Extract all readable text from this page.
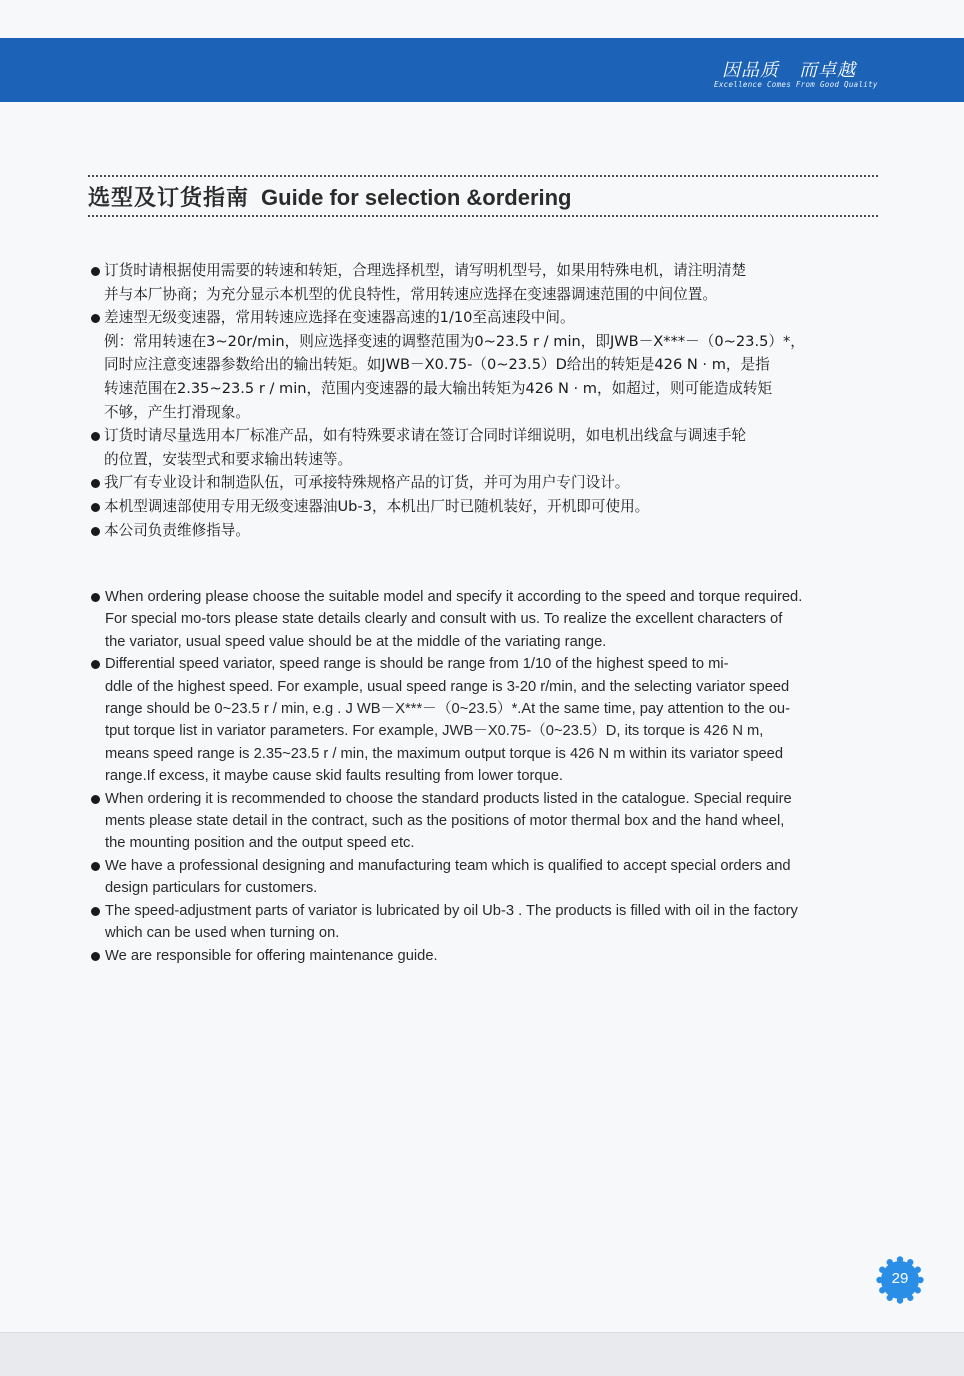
因品质   而卓越
Excellence Comes From Good Quality
选型及订货指南 Guide for selection &ordering
订货时请根据使用需要的转速和转矩，合理选择机型，请写明机型号，如果用特殊电机，请注明清楚
并与本厂协商；为充分显示本机型的优良特性，常用转速应选择在变速器调速范围的中间位置。
差速型无级变速器，常用转速应选择在变速器高速的1/10至高速段中间。
例：常用转速在3~20r/min，则应选择变速的调整范围为0~23.5 r / min，即JWB－X***－（0~23.5）*，
同时应注意变速器参数给出的输出转矩。如JWB－X0.75-（0~23.5）D给出的转矩是426 N · m，是指
转速范围在2.35~23.5 r / min，范围内变速器的最大输出转矩为426 N · m，如超过，则可能造成转矩
不够，产生打滑现象。
订货时请尽量选用本厂标准产品，如有特殊要求请在签订合同时详细说明，如电机出线盒与调速手轮
的位置，安装型式和要求输出转速等。
我厂有专业设计和制造队伍，可承接特殊规格产品的订货，并可为用户专门设计。
本机型调速部使用专用无级变速器油Ub-3，本机出厂时已随机装好，开机即可使用。
本公司负责维修指导。
When ordering please choose the suitable model and specify it according to the speed and torque required.
For special mo-tors please state details clearly and consult with us. To realize the excellent characters of
the variator, usual speed value should be at the middle of the variating range.
Differential speed variator, speed range is should be range from 1/10 of the highest speed to mi-
ddle of the highest speed. For example, usual speed range is 3-20 r/min, and the selecting variator speed
range should be 0~23.5 r / min, e.g . J WB－X***－（0~23.5）*.At the same time, pay attention to the ou-
tput torque list in variator parameters. For example, JWB－X0.75-（0~23.5）D, its torque is 426 N m,
means speed range is 2.35~23.5 r / min, the maximum output torque is 426 N m within its variator speed
range.If excess, it maybe cause skid faults resulting from lower torque.
When ordering it is recommended to choose the standard products listed in the catalogue. Special require
ments please state detail in the contract, such as the positions of motor thermal box and the hand wheel,
the mounting position and the output speed etc.
We have a professional designing and manufacturing team which is qualified to accept special orders and
design particulars for customers.
The speed-adjustment parts of variator is lubricated by oil Ub-3 . The products is filled with oil in the factory
which can be used when turning on.
We are responsible for offering maintenance guide.
29
